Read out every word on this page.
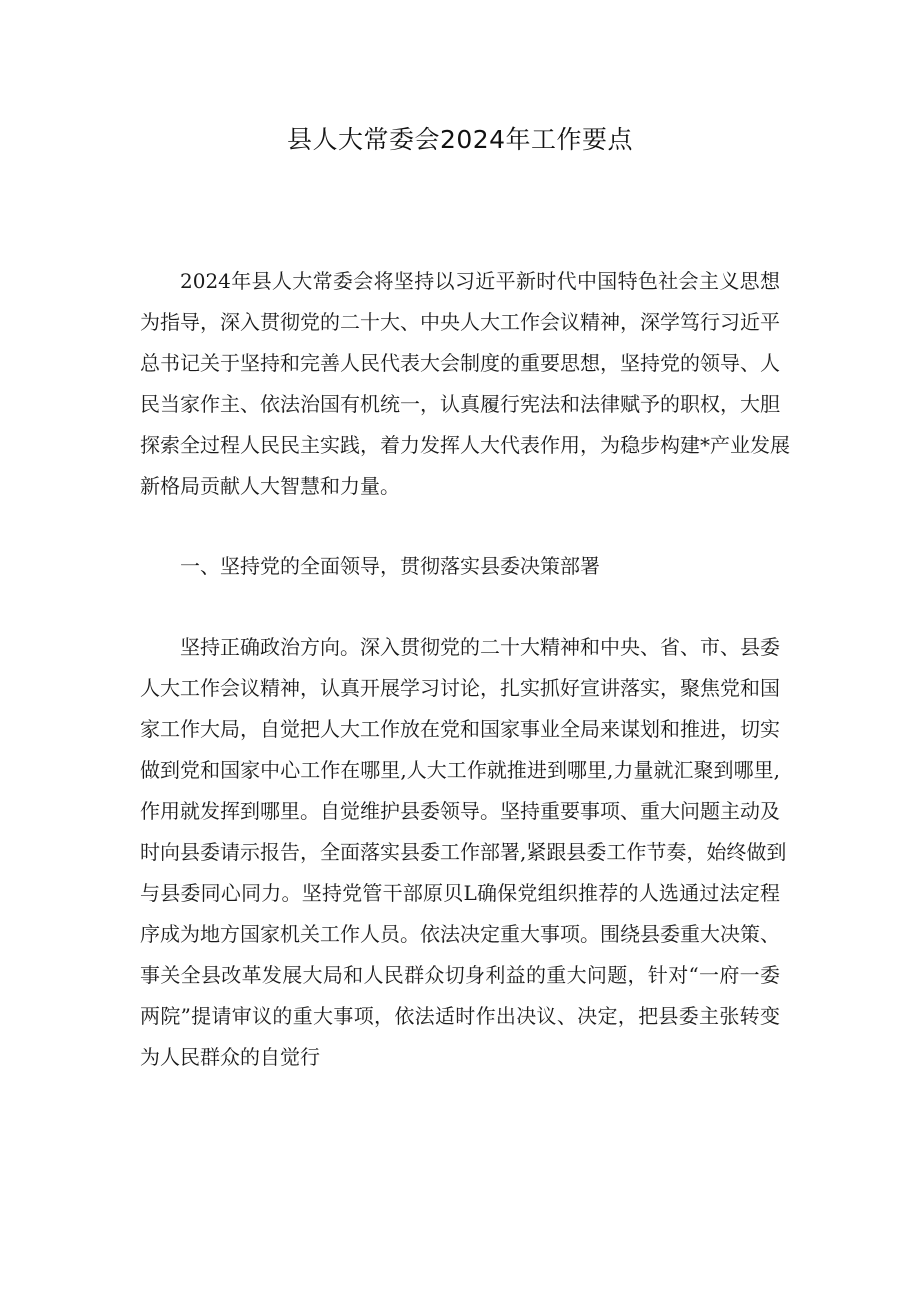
县人大常委会2024年工作要点

2024年县人大常委会将坚持以习近平新时代中国特色社会主义思想

为指导，深入贯彻党的二十大、中央人大工作会议精神，深学笃行习近平

总书记关于坚持和完善人民代表大会制度的重要思想，坚持党的领导、人

民当家作主、依法治国有机统一，认真履行宪法和法律赋予的职权，大胆

探索全过程人民民主实践，着力发挥人大代表作用，为稳步构建*产业发展

新格局贡献人大智慧和力量。

一、坚持党的全面领导，贯彻落实县委决策部署

坚持正确政治方向。深入贯彻党的二十大精神和中央、省、市、县委

人大工作会议精神，认真开展学习讨论，扎实抓好宣讲落实，聚焦党和国

家工作大局，自觉把人大工作放在党和国家事业全局来谋划和推进，切实

做到党和国家中心工作在哪里,人大工作就推进到哪里,力量就汇聚到哪里,

作用就发挥到哪里。自觉维护县委领导。坚持重要事项、重大问题主动及

时向县委请示报告，全面落实县委工作部署,紧跟县委工作节奏，始终做到

与县委同心同力。坚持党管干部原贝L确保党组织推荐的人选通过法定程

序成为地方国家机关工作人员。依法决定重大事项。围绕县委重大决策、

事关全县改革发展大局和人民群众切身利益的重大问题，针对“一府一委

两院”提请审议的重大事项，依法适时作出决议、决定，把县委主张转变

为人民群众的自觉行
